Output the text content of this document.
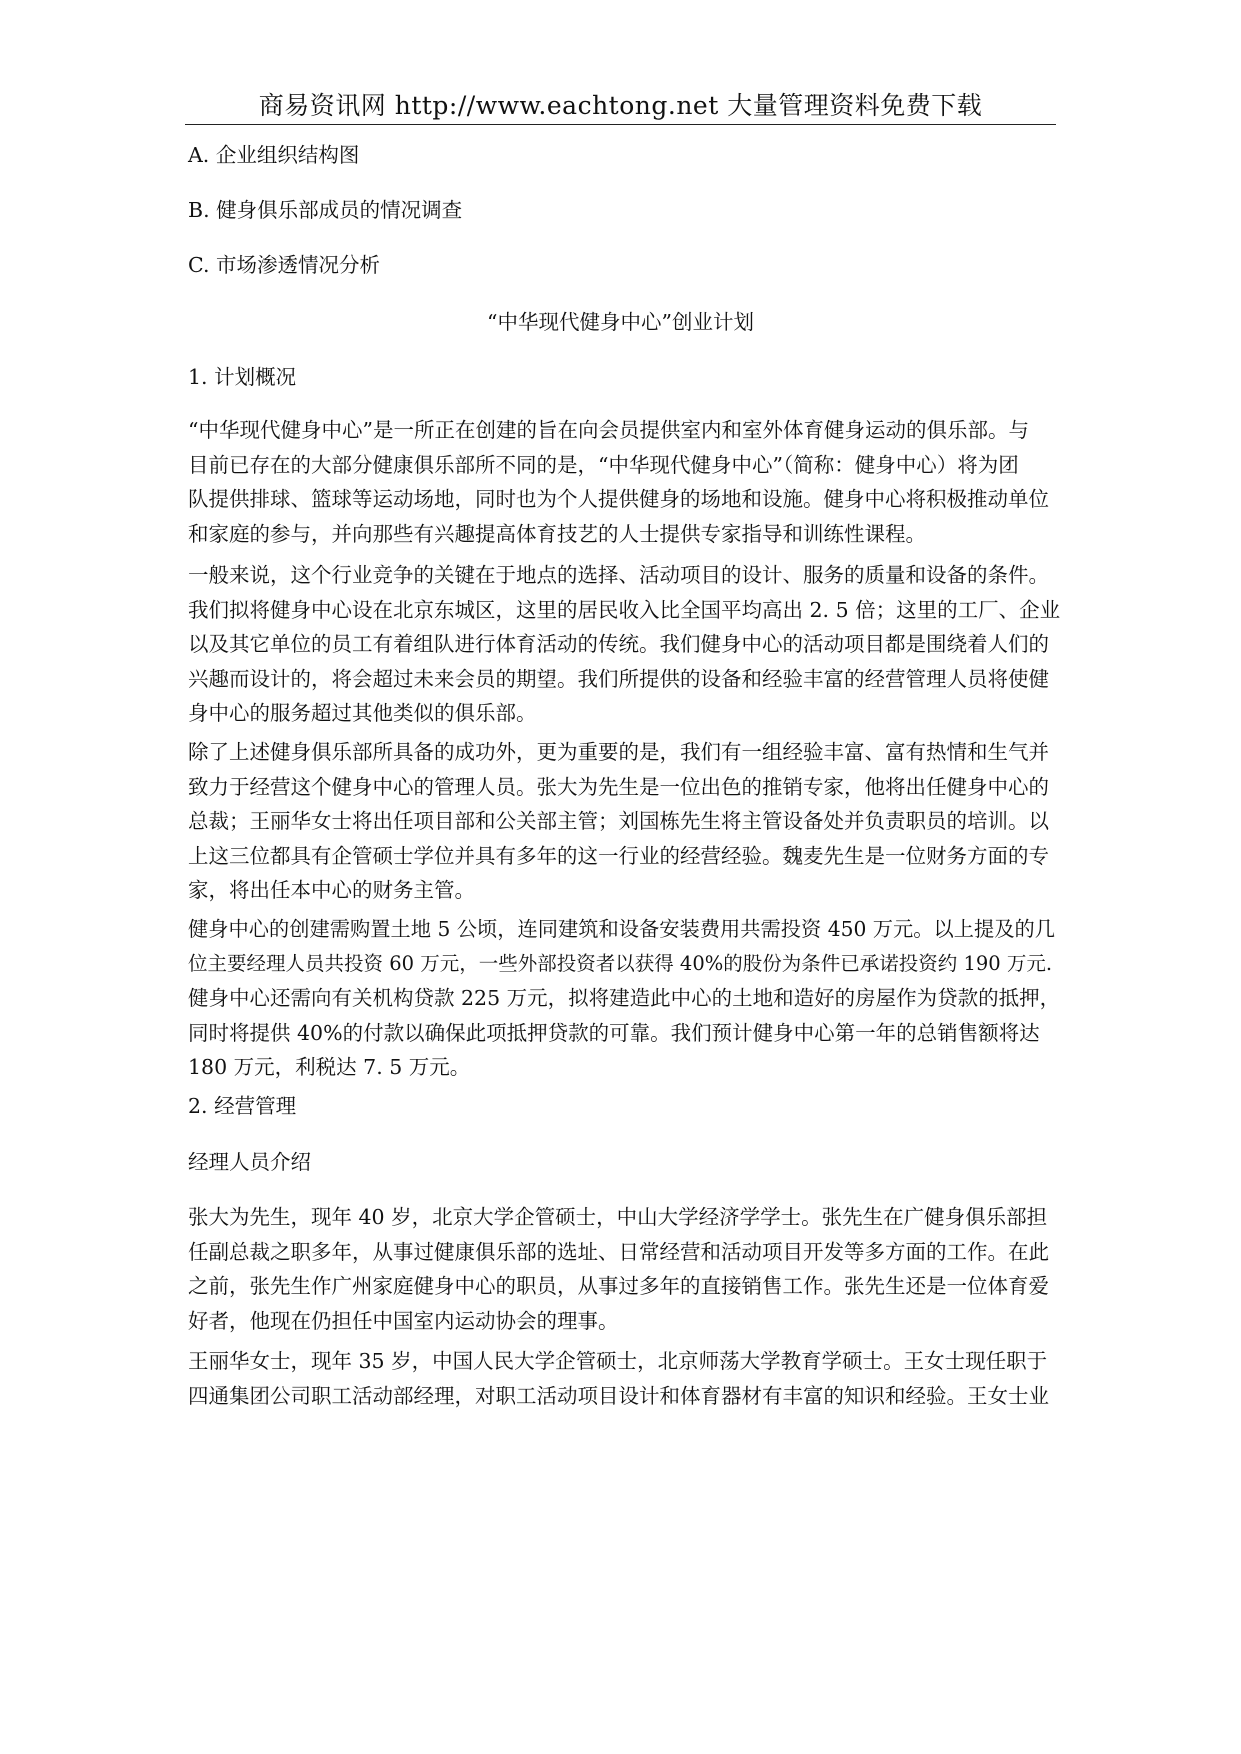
商易资讯网 http://www.eachtong.net 大量管理资料免费下载
A. 企业组织结构图
B. 健身俱乐部成员的情况调查
C. 市场渗透情况分析
“中华现代健身中心”创业计划
1. 计划概况
“中华现代健身中心”是一所正在创建的旨在向会员提供室内和室外体育健身运动的俱乐部。与
目前已存在的大部分健康俱乐部所不同的是，“中华现代健身中心”（简称：健身中心）将为团
队提供排球、篮球等运动场地，同时也为个人提供健身的场地和设施。健身中心将积极推动单位
和家庭的参与，并向那些有兴趣提高体育技艺的人士提供专家指导和训练性课程。
一般来说，这个行业竞争的关键在于地点的选择、活动项目的设计、服务的质量和设备的条件。
我们拟将健身中心设在北京东城区，这里的居民收入比全国平均高出 2. 5 倍；这里的工厂、企业
以及其它单位的员工有着组队进行体育活动的传统。我们健身中心的活动项目都是围绕着人们的
兴趣而设计的，将会超过未来会员的期望。我们所提供的设备和经验丰富的经营管理人员将使健
身中心的服务超过其他类似的俱乐部。
除了上述健身俱乐部所具备的成功外，更为重要的是，我们有一组经验丰富、富有热情和生气并
致力于经营这个健身中心的管理人员。张大为先生是一位出色的推销专家，他将出任健身中心的
总裁；王丽华女士将出任项目部和公关部主管；刘国栋先生将主管设备处并负责职员的培训。以
上这三位都具有企管硕士学位并具有多年的这一行业的经营经验。魏麦先生是一位财务方面的专
家，将出任本中心的财务主管。
健身中心的创建需购置土地 5 公顷，连同建筑和设备安装费用共需投资 450 万元。以上提及的几
位主要经理人员共投资 60 万元，一些外部投资者以获得 40%的股份为条件已承诺投资约 190 万元.
健身中心还需向有关机构贷款 225 万元，拟将建造此中心的土地和造好的房屋作为贷款的抵押，
同时将提供 40%的付款以确保此项抵押贷款的可靠。我们预计健身中心第一年的总销售额将达
180 万元，利税达 7. 5 万元。
2. 经营管理
经理人员介绍
张大为先生，现年 40 岁，北京大学企管硕士，中山大学经济学学士。张先生在广健身俱乐部担
任副总裁之职多年，从事过健康俱乐部的选址、日常经营和活动项目开发等多方面的工作。在此
之前，张先生作广州家庭健身中心的职员，从事过多年的直接销售工作。张先生还是一位体育爱
好者，他现在仍担任中国室内运动协会的理事。
王丽华女士，现年 35 岁，中国人民大学企管硕士，北京师荡大学教育学硕士。王女士现任职于
四通集团公司职工活动部经理，对职工活动项目设计和体育器材有丰富的知识和经验。王女士业
